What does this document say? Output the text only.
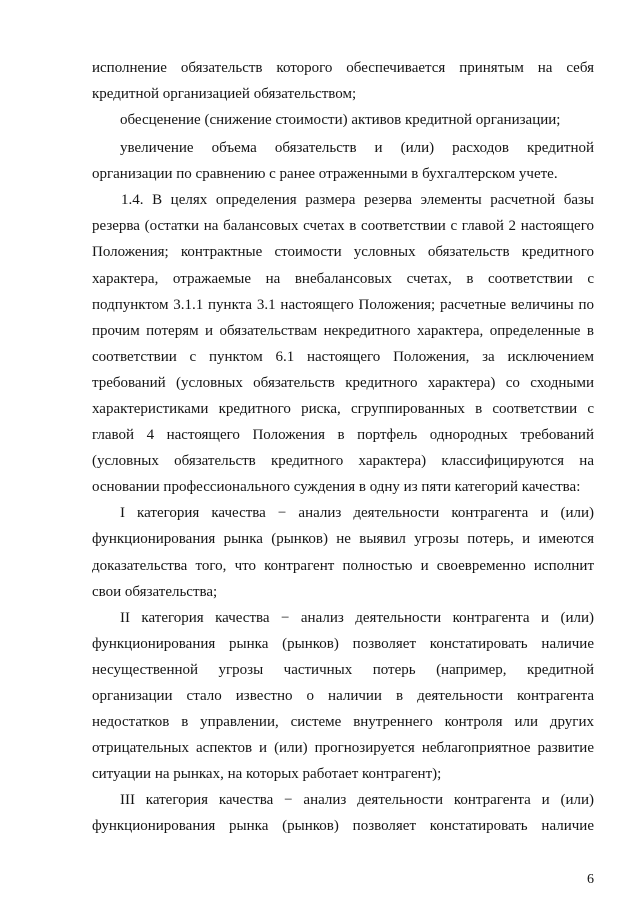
исполнение обязательств которого обеспечивается принятым на себя

кредитной организацией обязательством;

обесценение (снижение стоимости) активов кредитной организации;

увеличение объема обязательств и (или) расходов кредитной

организации по сравнению с ранее отраженными в бухгалтерском учете.

1.4. В целях определения размера резерва элементы расчетной базы

резерва (остатки на балансовых счетах в соответствии с главой 2 настоящего

Положения; контрактные стоимости условных обязательств кредитного

характера, отражаемые на внебалансовых счетах, в соответствии с

подпунктом 3.1.1 пункта 3.1 настоящего Положения; расчетные величины по

прочим потерям и обязательствам некредитного характера, определенные в

соответствии с пунктом 6.1 настоящего Положения, за исключением

требований (условных обязательств кредитного характера) со сходными

характеристиками кредитного риска, сгруппированных в соответствии с

главой 4 настоящего Положения в портфель однородных требований

(условных обязательств кредитного характера) классифицируются на

основании профессионального суждения в одну из пяти категорий качества:

I категория качества − анализ деятельности контрагента и (или)

функционирования рынка (рынков) не выявил угрозы потерь, и имеются

доказательства того, что контрагент полностью и своевременно исполнит

свои обязательства;

II категория качества − анализ деятельности контрагента и (или)

функционирования рынка (рынков) позволяет констатировать наличие

несущественной угрозы частичных потерь (например, кредитной

организации стало известно о наличии в деятельности контрагента

недостатков в управлении, системе внутреннего контроля или других

отрицательных аспектов и (или) прогнозируется неблагоприятное развитие

ситуации на рынках, на которых работает контрагент);

III категория качества − анализ деятельности контрагента и (или)

функционирования рынка (рынков) позволяет констатировать наличие

6
